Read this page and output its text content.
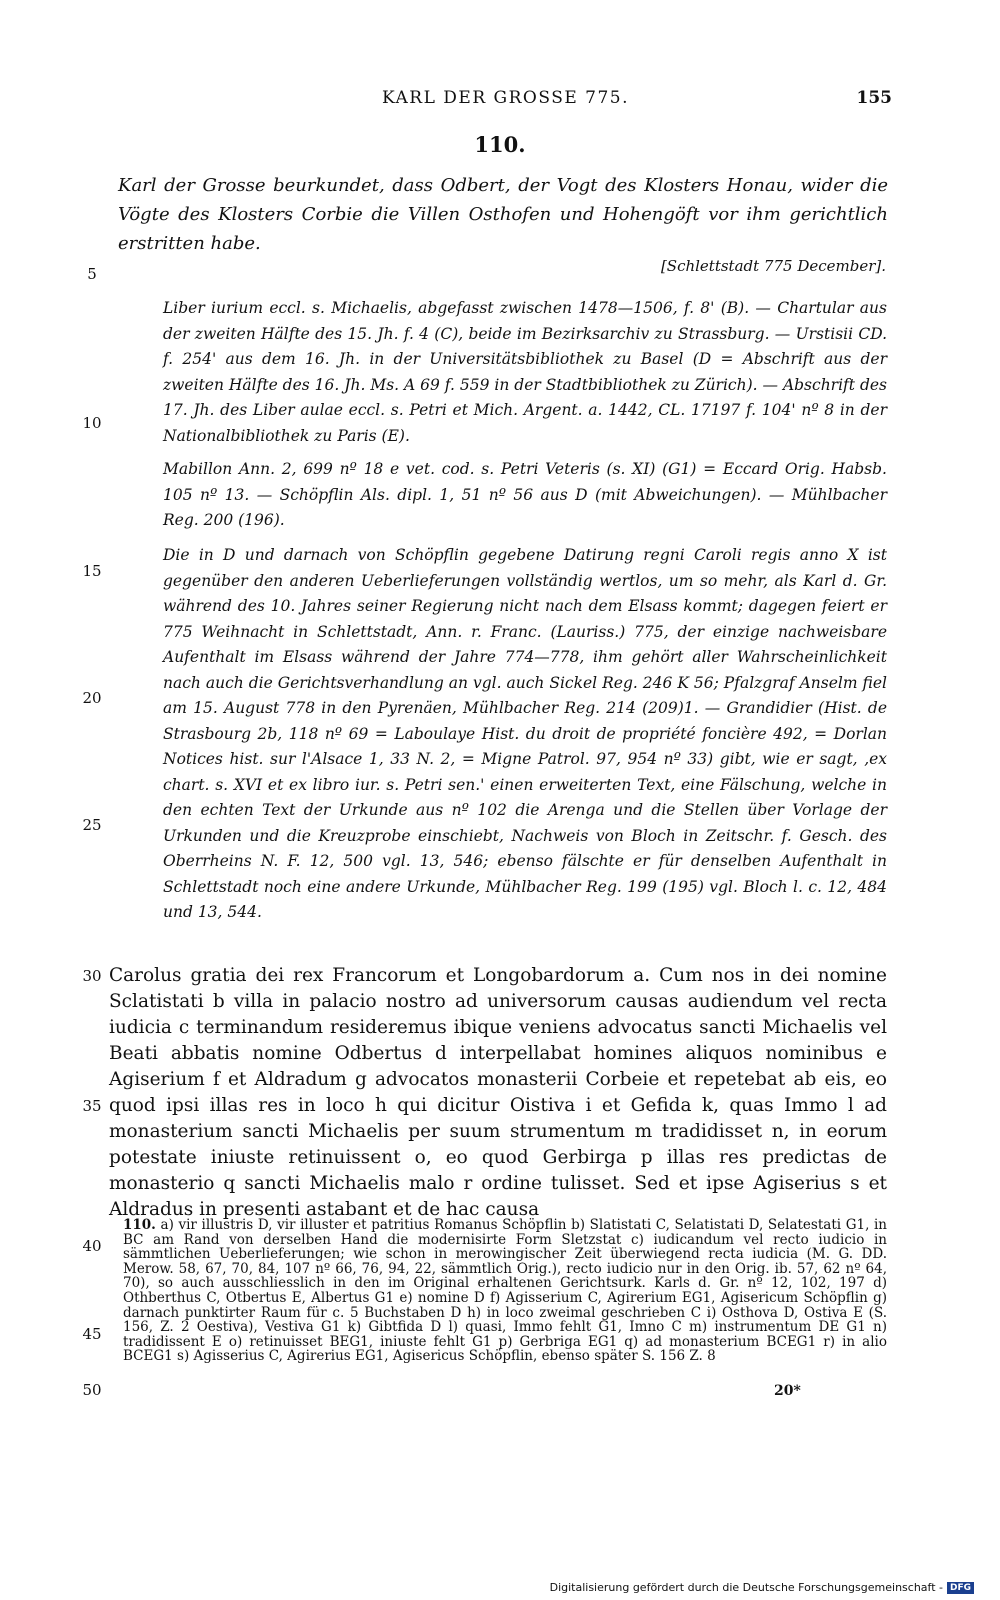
KARL DER GROSSE 775.	155
110.
Karl der Grosse beurkundet, dass Odbert, der Vogt des Klosters Honau, wider die Vögte des Klosters Corbie die Villen Osthofen und Hohengöft vor ihm gerichtlich erstritten habe.
[Schlettstadt 775 December].

Liber iurium eccl. s. Michaelis, abgefasst zwischen 1478—1506, f. 8' (B). — Chartular aus der zweiten Hälfte des 15. Jh. f. 4 (C), beide im Bezirksarchiv zu Strassburg. — Urstisii CD. f. 254' aus dem 16. Jh. in der Universitätsbibliothek zu Basel (D = Abschrift aus der zweiten Hälfte des 16. Jh. Ms. A 69 f. 559 in der Stadtbibliothek zu Zürich). — Abschrift des 17. Jh. des Liber aulae eccl. s. Petri et Mich. Argent. a. 1442, CL. 17197 f. 104' nº 8 in der Nationalbibliothek zu Paris (E).

Mabillon Ann. 2, 699 nº 18 e vet. cod. s. Petri Veteris (s. XI) (G1) = Eccard Orig. Habsb. 105 nº 13. — Schöpflin Als. dipl. 1, 51 nº 56 aus D (mit Abweichungen). — Mühlbacher Reg. 200 (196).

Die in D und darnach von Schöpflin gegebene Datirung regni Caroli regis anno X ist gegenüber den anderen Ueberlieferungen vollständig wertlos, um so mehr, als Karl d. Gr. während des 10. Jahres seiner Regierung nicht nach dem Elsass kommt; dagegen feiert er 775 Weihnacht in Schlettstadt, Ann. r. Franc. (Lauriss.) 775, der einzige nachweisbare Aufenthalt im Elsass während der Jahre 774—778, ihm gehört aller Wahrscheinlichkeit nach auch die Gerichtsverhandlung an vgl. auch Sickel Reg. 246 K 56; Pfalzgraf Anselm fiel am 15. August 778 in den Pyrenäen, Mühlbacher Reg. 214 (209)1. — Grandidier (Hist. de Strasbourg 2b, 118 nº 69 = Laboulaye Hist. du droit de propriété foncière 492, = Dorlan Notices hist. sur l'Alsace 1, 33 N. 2, = Migne Patrol. 97, 954 nº 33) gibt, wie er sagt, ‚ex chart. s. XVI et ex libro iur. s. Petri sen.' einen erweiterten Text, eine Fälschung, welche in den echten Text der Urkunde aus nº 102 die Arenga und die Stellen über Vorlage der Urkunden und die Kreuzprobe einschiebt, Nachweis von Bloch in Zeitschr. f. Gesch. des Oberrheins N. F. 12, 500 vgl. 13, 546; ebenso fälschte er für denselben Aufenthalt in Schlettstadt noch eine andere Urkunde, Mühlbacher Reg. 199 (195) vgl. Bloch l. c. 12, 484 und 13, 544.

Carolus gratia dei rex Francorum et Longobardorum a. Cum nos in dei nomine Sclatistati b villa in palacio nostro ad universorum causas audiendum vel recta iudicia c terminandum resideremus ibique veniens advocatus sancti Michaelis vel Beati abbatis nomine Odbertus d interpellabat homines aliquos nominibus e Agiserium f et Aldradum g advocatos monasterii Corbeie et repetebat ab eis, eo quod ipsi illas res in loco h qui dicitur Oistiva i et Gefida k, quas Immo l ad monasterium sancti Michaelis per suum strumentum m tradidisset n, in eorum potestate iniuste retinuissent o, eo quod Gerbirga p illas res predictas de monasterio q sancti Michaelis malo r ordine tulisset. Sed et ipse Agiserius s et Aldradus in presenti astabant et de hac causa

110. a) vir illustris D, vir illuster et patritius Romanus Schöpflin b) Slatistati C, Selatistati D, Selatestati G1, in BC am Rand von derselben Hand die modernisirte Form Sletzstat c) iudicandum vel recto iudicio in sämmtlichen Ueberlieferungen; wie schon in merowingischer Zeit überwiegend recta iudicia (M. G. DD. Merow. 58, 67, 70, 84, 107 nº 66, 76, 94, 22, sämmtlich Orig.), recto iudicio nur in den Orig. ib. 57, 62 nº 64, 70), so auch ausschliesslich in den im Original erhaltenen Gerichtsurk. Karls d. Gr. nº 12, 102, 197 d) Othberthus C, Otbertus E, Albertus G1 e) nomine D f) Agisserium C, Agirerium EG1, Agisericum Schöpflin g) darnach punktirter Raum für c. 5 Buchstaben D h) in loco zweimal geschrieben C i) Osthova D, Ostiva E (S. 156, Z. 2 Oestiva), Vestiva G1 k) Gibtfida D l) quasi, Immo fehlt G1, Imno C m) instrumentum DE G1 n) tradidissent E o) retinuisset BEG1, iniuste fehlt G1 p) Gerbriga EG1 q) ad monasterium BCEG1 r) in alio BCEG1 s) Agisserius C, Agirerius EG1, Agisericus Schöpflin, ebenso später S. 156 Z. 8

20*
5
10
15
20
25
30
35
40
45
50
Digitalisierung gefördert durch die Deutsche Forschungsgemeinschaft - DFG
